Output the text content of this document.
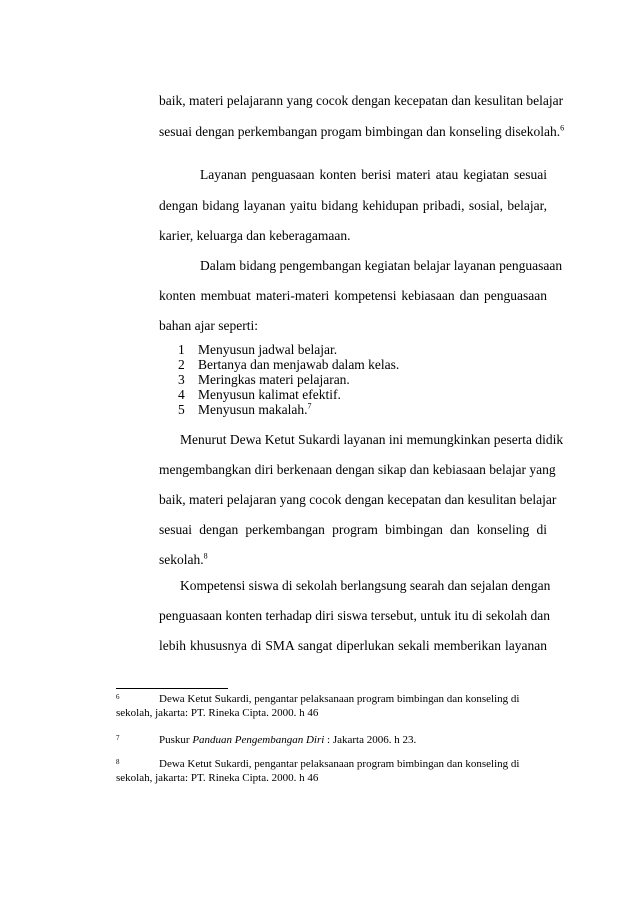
baik, materi pelajarann yang cocok dengan kecepatan dan kesulitan belajar
sesuai dengan perkembangan progam bimbingan dan konseling disekolah.$^6$
Layanan penguasaan konten berisi materi atau kegiatan sesuai
dengan bidang layanan yaitu bidang kehidupan pribadi, sosial, belajar,
karier, keluarga dan keberagamaan.
Dalam bidang pengembangan kegiatan belajar layanan penguasaan
konten membuat materi-materi kompetensi kebiasaan dan penguasaan
bahan ajar seperti:
1 Menyusun jadwal belajar.
2 Bertanya dan menjawab dalam kelas.
3 Meringkas materi pelajaran.
4 Menyusun kalimat efektif.
5 Menyusun makalah.$^7$
Menurut Dewa Ketut Sukardi layanan ini memungkinkan peserta didik
mengembangkan diri berkenaan dengan sikap dan kebiasaan belajar yang
baik, materi pelajaran yang cocok dengan kecepatan dan kesulitan belajar
sesuai dengan perkembangan program bimbingan dan konseling di
sekolah.$^8$
Kompetensi siswa di sekolah berlangsung searah dan sejalan dengan
penguasaan konten terhadap diri siswa tersebut, untuk itu di sekolah dan
lebih khususnya di SMA sangat diperlukan sekali memberikan layanan
6	Dewa Ketut Sukardi, pengantar pelaksanaan program bimbingan dan konseling di
sekolah, jakarta: PT. Rineka Cipta. 2000. h 46
7	Puskur Panduan Pengembangan Diri : Jakarta 2006. h 23.
8	Dewa Ketut Sukardi, pengantar pelaksanaan program bimbingan dan konseling di
sekolah, jakarta: PT. Rineka Cipta. 2000. h 46
